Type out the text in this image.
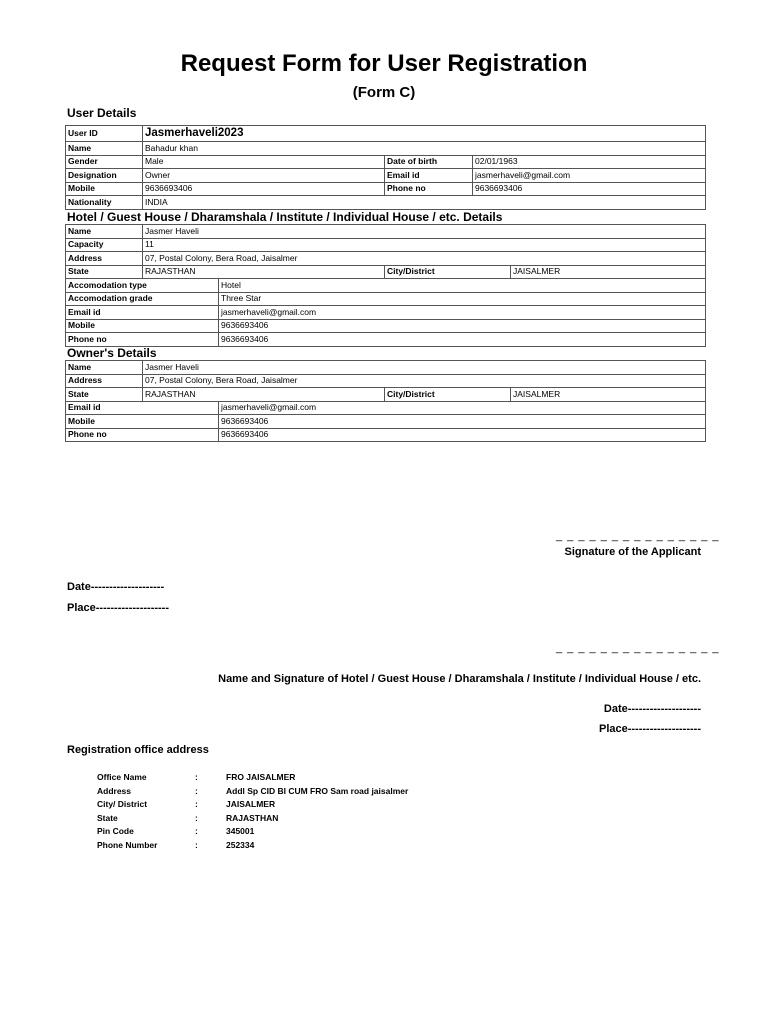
Request Form for User Registration
(Form C)
User Details
User ID	Jasmerhaveli2023		
Name	Bahadur khan		
Gender	Male	Date of birth	02/01/1963
Designation	Owner	Email id	jasmerhaveli@gmail.com
Mobile	9636693406	Phone no	9636693406
Nationality	INDIA		
Hotel / Guest House / Dharamshala / Institute / Individual House / etc. Details
Name	Jasmer Haveli			
Capacity	11			
Address	07, Postal Colony, Bera Road, Jaisalmer			
State	RAJASTHAN		City/District	JAISALMER
Accomodation type		Hotel		
Accomodation grade		Three Star		
Email id		jasmerhaveli@gmail.com		
Mobile		9636693406		
Phone no		9636693406		
Owner's Details
Name	Jasmer Haveli			
Address	07, Postal Colony, Bera Road, Jaisalmer			
State	RAJASTHAN		City/District	JAISALMER
Email id		jasmerhaveli@gmail.com		
Mobile		9636693406		
Phone no		9636693406		
_ _ _ _ _ _ _ _ _ _ _ _ _ _ _
Signature of the Applicant
Date--------------------
Place--------------------
_ _ _ _ _ _ _ _ _ _ _ _ _ _ _
Name and Signature of Hotel / Guest House / Dharamshala / Institute / Individual House / etc.
Date--------------------
Place--------------------
Registration office address
Office Name	:	FRO JAISALMER
Address	:	Addl Sp CID BI CUM FRO Sam road jaisalmer
City/ District	:	JAISALMER
State	:	RAJASTHAN
Pin Code	:	345001
Phone Number	:	252334
